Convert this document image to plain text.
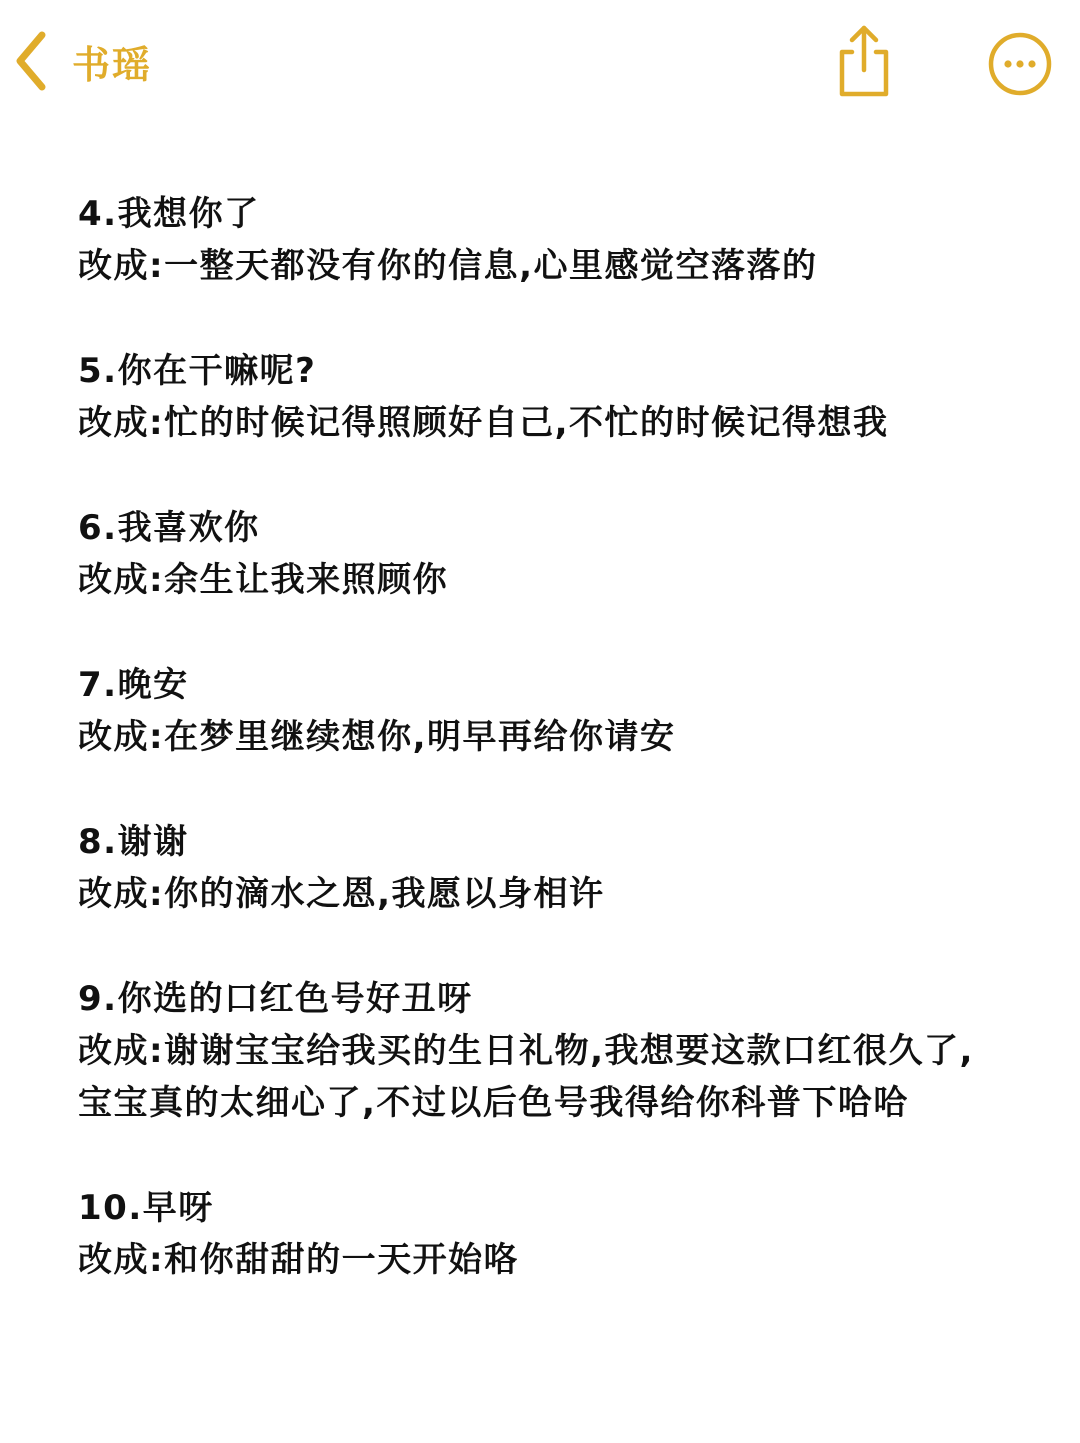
书瑶

4.我想你了

改成:一整天都没有你的信息,心里感觉空落落的

5.你在干嘛呢?

改成:忙的时候记得照顾好自己,不忙的时候记得想我

6.我喜欢你

改成:余生让我来照顾你

7.晚安

改成:在梦里继续想你,明早再给你请安

8.谢谢

改成:你的滴水之恩,我愿以身相许

9.你选的口红色号好丑呀

改成:谢谢宝宝给我买的生日礼物,我想要这款口红很久了,宝宝真的太细心了,不过以后色号我得给你科普下哈哈

10.早呀

改成:和你甜甜的一天开始咯
